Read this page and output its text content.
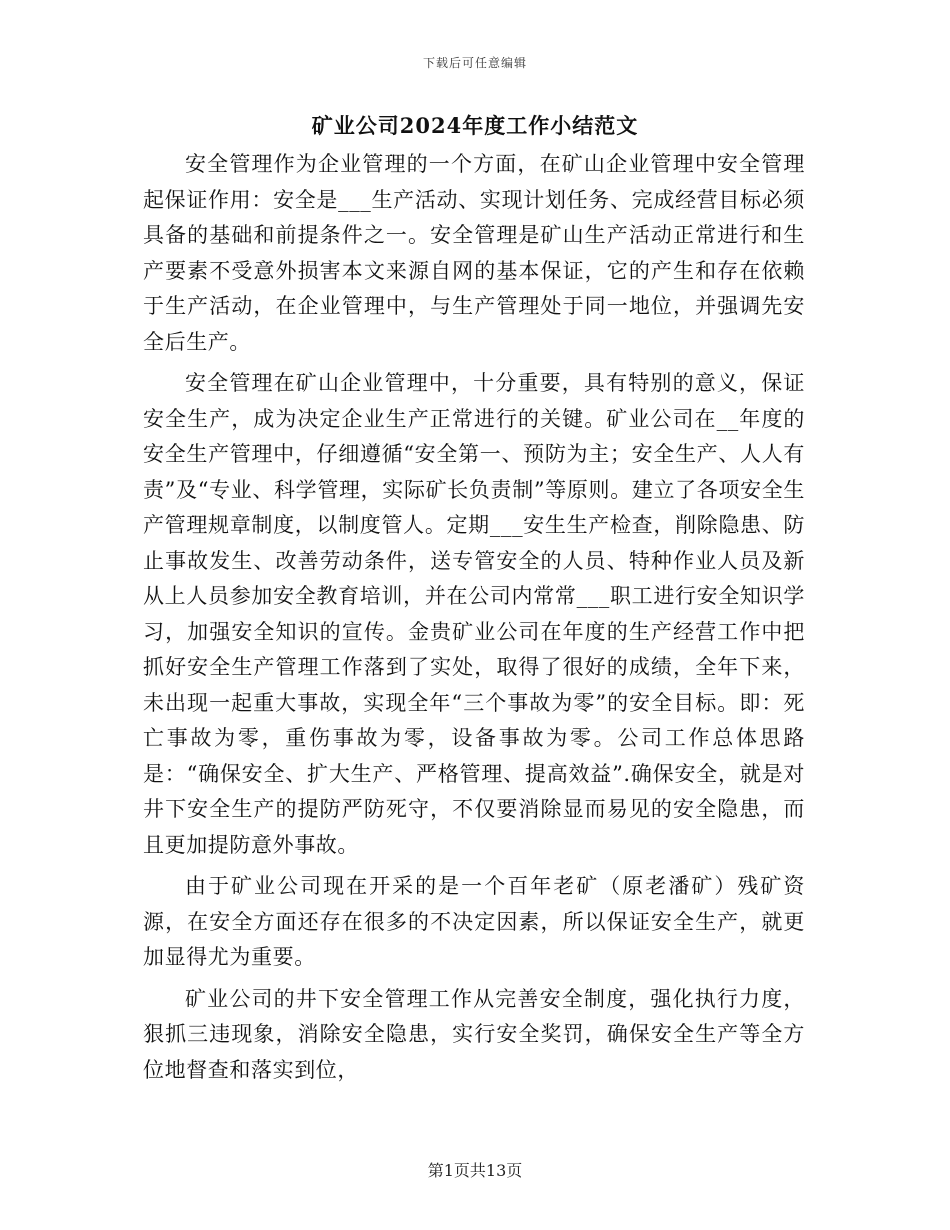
下载后可任意编辑
矿业公司2024年度工作小结范文

安全管理作为企业管理的一个方面，在矿山企业管理中安全管理起保证作用：安全是___生产活动、实现计划任务、完成经营目标必须具备的基础和前提条件之一。安全管理是矿山生产活动正常进行和生产要素不受意外损害本文来源自网的基本保证，它的产生和存在依赖于生产活动，在企业管理中，与生产管理处于同一地位，并强调先安全后生产。

安全管理在矿山企业管理中，十分重要，具有特别的意义，保证安全生产，成为决定企业生产正常进行的关键。矿业公司在__年度的安全生产管理中，仔细遵循“安全第一、预防为主；安全生产、人人有责”及“专业、科学管理，实际矿长负责制”等原则。建立了各项安全生产管理规章制度，以制度管人。定期___安生生产检查，削除隐患、防止事故发生、改善劳动条件，送专管安全的人员、特种作业人员及新从上人员参加安全教育培训，并在公司内常常___职工进行安全知识学习，加强安全知识的宣传。金贵矿业公司在年度的生产经营工作中把抓好安全生产管理工作落到了实处，取得了很好的成绩，全年下来，未出现一起重大事故，实现全年“三个事故为零”的安全目标。即：死亡事故为零，重伤事故为零，设备事故为零。公司工作总体思路是：“确保安全、扩大生产、严格管理、提高效益”.确保安全，就是对井下安全生产的提防严防死守，不仅要消除显而易见的安全隐患，而且更加提防意外事故。

由于矿业公司现在开采的是一个百年老矿（原老潘矿）残矿资源，在安全方面还存在很多的不决定因素，所以保证安全生产，就更加显得尤为重要。

矿业公司的井下安全管理工作从完善安全制度，强化执行力度，狠抓三违现象，消除安全隐患，实行安全奖罚，确保安全生产等全方位地督查和落实到位，

第1页共13页
